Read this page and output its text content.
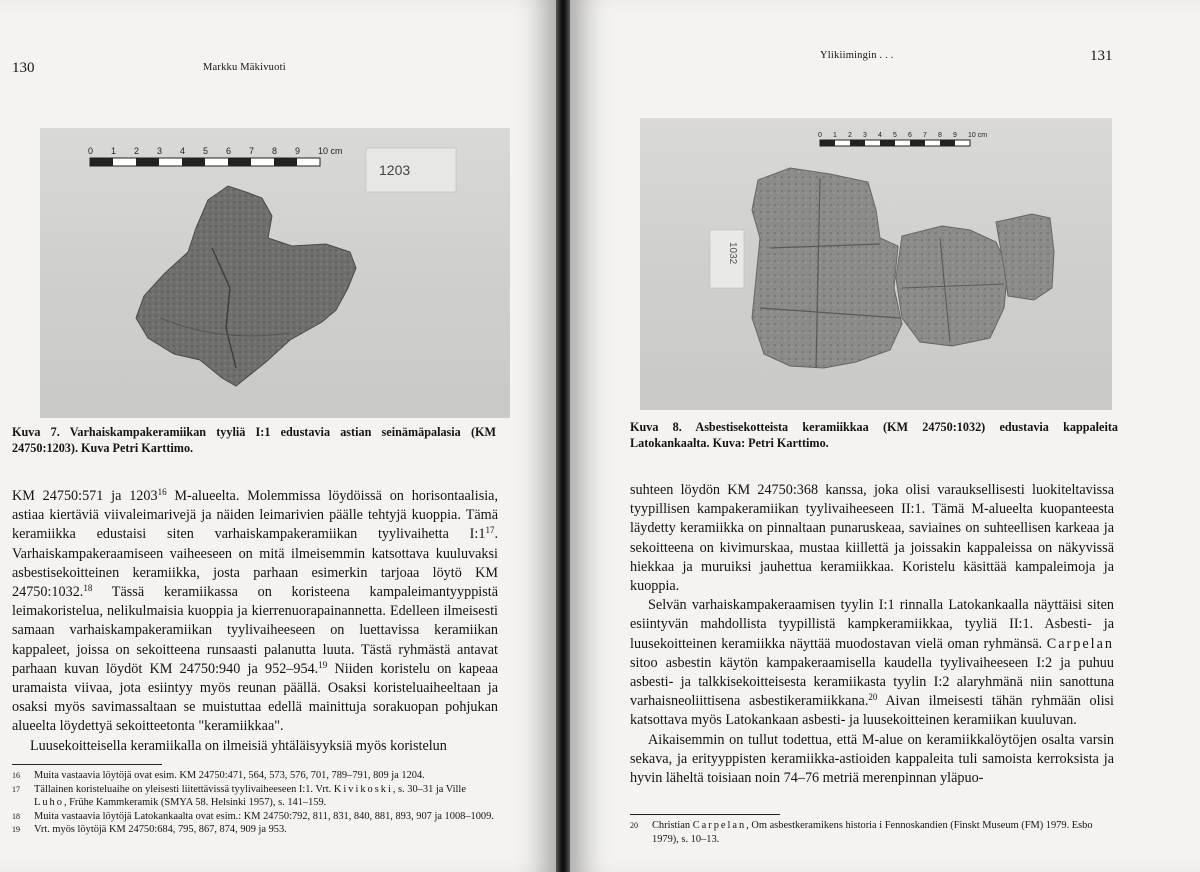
130	Markku Mäkivuoti
0 1 2 3 4 5 6 7 8 9 10 cm
1203
Kuva 7. Varhaiskampakeramiikan tyyliä I:1 edustavia astian seinämäpalasia (KM 24750:1203). Kuva Petri Karttimo.

KM 24750:571 ja 1203$^{16}$ M-alueelta. Molemmissa löydöissä on horisontaalisia, astiaa kiertäviä viivaleimarivejä ja näiden leimarivien päälle tehtyjä kuoppia. Tämä keramiikka edustaisi siten varhaiskampakeramiikan tyylivaihetta $I:1^{17}$. Varhaiskampakeraamiseen vaiheeseen on mitä ilmeisemmin katsottava kuuluvaksi asbestisekoitteinen keramiikka, josta parhaan esimerkin tarjoaa löytö KM 24750:1032.18 Tässä keramiikassa on koristeena kampaleimantyyppistä leimakoristelua, nelikulmaisia kuoppia ja kierrenuorapainannetta. Edelleen ilmeisesti samaan varhaiskampakeramiikan tyylivaiheeseen on luettavissa keramiikan kappaleet, joissa on sekoitteena runsaasti palanutta luuta. Tästä ryhmästä antavat parhaan kuvan löydöt KM 24750:940 ja 952–954.19 Niiden koristelu on kapeaa uramaista viivaa, jota esiintyy myös reunan päällä. Osaksi koristeluaiheeltaan ja osaksi myös savimassaltaan se muistuttaa edellä mainittuja sorakuopan pohjukan alueelta löydettyä sekoitteetonta "keramiikkaa".

Luusekoitteisella keramiikalla on ilmeisiä yhtäläisyyksiä myös koristelun

16	Muita vastaavia löytöjä ovat esim. KM 24750:471, 564, 573, 576, 701, 789–791, 809 ja 1204.
17	Tällainen koristeluaihe on yleisesti liitettävissä tyylivaiheeseen I:1. Vrt. Kivikoski, s. 30–31 ja Ville Luho, Frühe Kammkeramik (SMYA 58. Helsinki 1957), s. 141–159.
18	Muita vastaavia löytöjä Latokankaalta ovat esim.: KM 24750:792, 811, 831, 840, 881, 893, 907 ja 1008–1009.
19	Vrt. myös löytöjä KM 24750:684, 795, 867, 874, 909 ja 953.
Ylikiimingin . . .	131
0 1 2 3 4 5 6 7 8 9 10 cm
1032
Kuva 8. Asbestisekotteista keramiikkaa (KM 24750:1032) edustavia kappaleita Latokankaalta. Kuva: Petri Karttimo.

suhteen löydön KM 24750:368 kanssa, joka olisi varauksellisesti luokiteltavissa tyypillisen kampakeramiikan tyylivaiheeseen II:1. Tämä M-alueelta kuopanteesta läydetty keramiikka on pinnaltaan punaruskeaa, saviaines on suhteellisen karkeaa ja sekoitteena on kivimurskaa, mustaa kiillettä ja joissakin kappaleissa on näkyvissä hiekkaa ja muruiksi jauhettua keramiikkaa. Koristelu käsittää kampaleimoja ja kuoppia.

Selvän varhaiskampakeraamisen tyylin I:1 rinnalla Latokankaalla näyttäisi siten esiintyvän mahdollista tyypillistä kampkeramiikkaa, tyyliä II:1. Asbesti- ja luusekoitteinen keramiikka näyttää muodostavan vielä oman ryhmänsä. Carpelan sitoo asbestin käytön kampakeraamisella kaudella tyylivaiheeseen I:2 ja puhuu asbesti- ja talkkisekoitteisesta keramiikasta tyylin I:2 alaryhmänä niin sanottuna varhaisneoliittisena asbestikeramiikkana.$^{20}$ Aivan ilmeisesti tähän ryhmään olisi katsottava myös Latokankaan asbesti- ja luusekoitteinen keramiikan kuuluvan.

Aikaisemmin on tullut todettua, että M-alue on keramiikkalöytöjen osalta varsin sekava, ja erityyppisten keramiikka-astioiden kappaleita tuli samoista kerroksista ja hyvin läheltä toisiaan noin 74–76 metriä merenpinnan yläpuo-

20	Christian Carpelan, Om asbestkeramikens historia i Fennoskandien (Finskt Museum (FM) 1979. Esbo 1979), s. 10–13.
